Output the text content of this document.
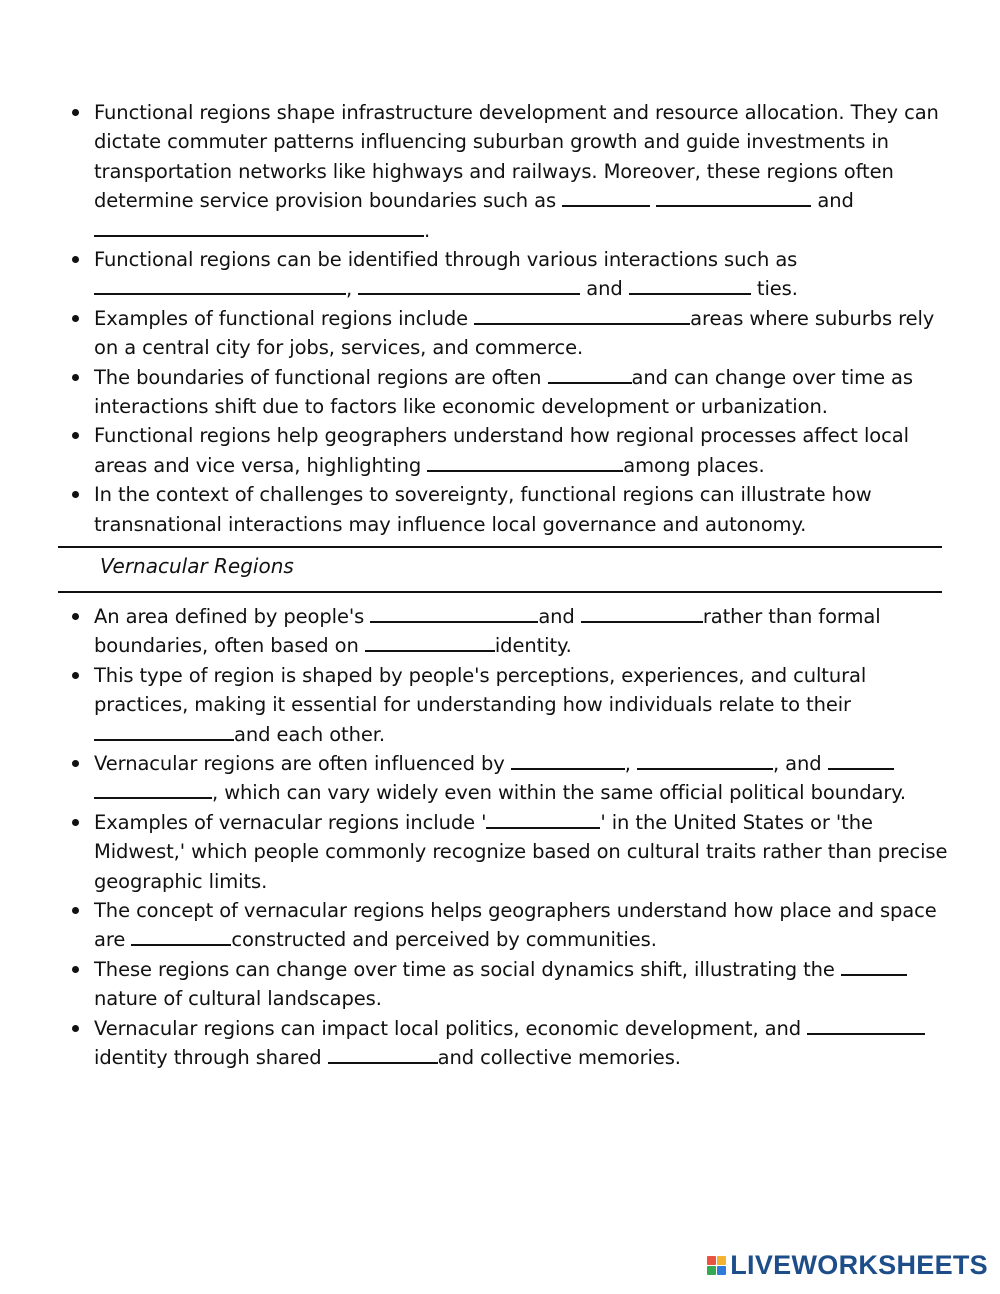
Functional regions shape infrastructure development and resource allocation. They can dictate commuter patterns influencing suburban growth and guide investments in transportation networks like highways and railways. Moreover, these regions often determine service provision boundaries such as	and .
Functional regions can be identified through various interactions such as ,	and	ties.
Examples of functional regions include	areas where suburbs rely on a central city for jobs, services, and commerce.
The boundaries of functional regions are often	and can change over time as interactions shift due to factors like economic development or urbanization.
Functional regions help geographers understand how regional processes affect local areas and vice versa, highlighting	among places.
In the context of challenges to sovereignty, functional regions can illustrate how transnational interactions may influence local governance and autonomy.
Vernacular Regions
An area defined by people's	and	rather than formal boundaries, often based on	identity.
This type of region is shaped by people's perceptions, experiences, and cultural practices, making it essential for understanding how individuals relate to their and each other.
Vernacular regions are often influenced by	,	, and  , which can vary widely even within the same official political boundary.
Examples of vernacular regions include '	' in the United States or 'the Midwest,' which people commonly recognize based on cultural traits rather than precise geographic limits.
The concept of vernacular regions helps geographers understand how place and space are	constructed and perceived by communities.
These regions can change over time as social dynamics shift, illustrating the  nature of cultural landscapes.
Vernacular regions can impact local politics, economic development, and identity through shared	and collective memories.
LIVEWORKSHEETS
